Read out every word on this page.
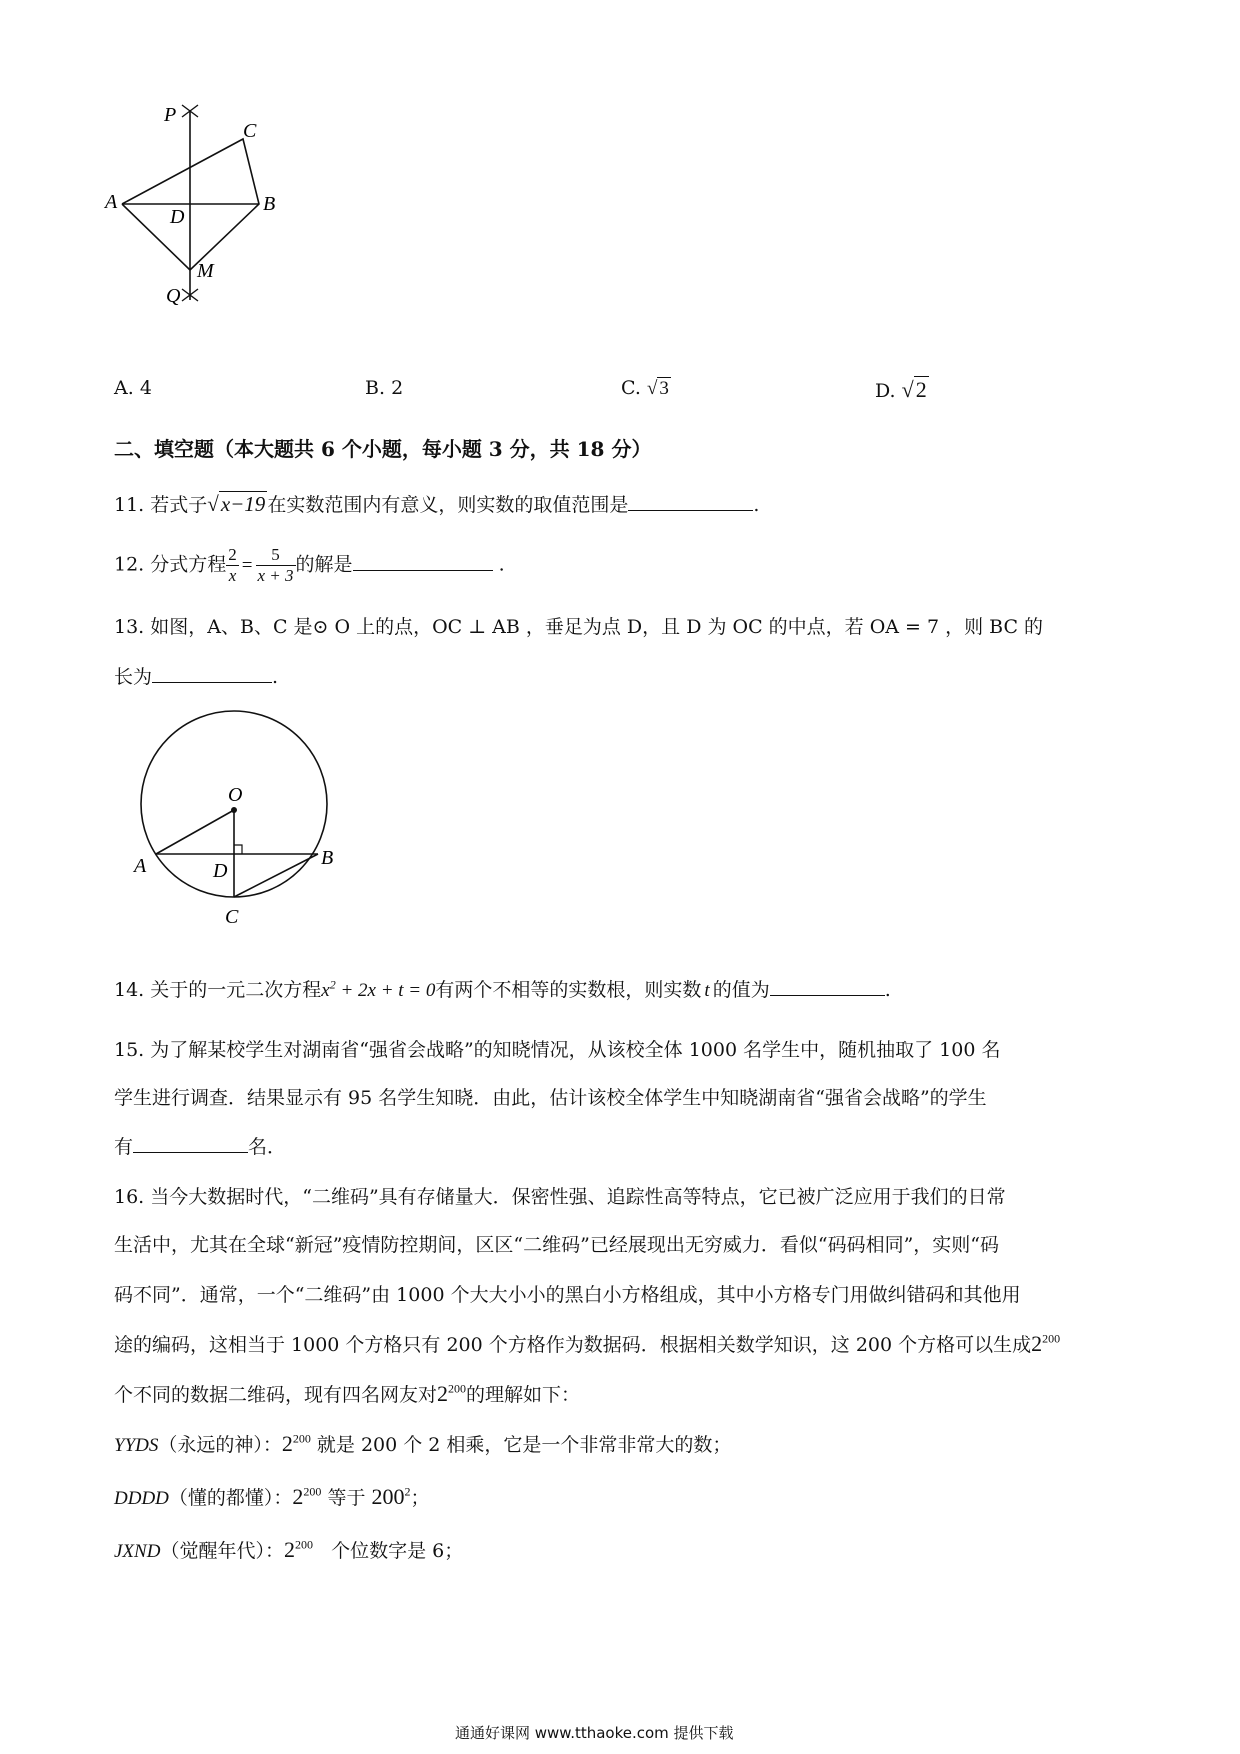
P
C
A	B
D
M
Q
A. 4	B. 2	C. √ 3	D. √2
二、填空题（本大题共 6 个小题，每小题 3 分，共 18 分）
11. 若式子√x−19 在实数范围内有意义，则实数的取值范围是	.
12. 分式方程 $\frac{2}{x} = \frac{5}{x + 3}$ 的解是	.
13. 如图，A、B、C 是⊙ O 上的点，OC ⊥ AB ，垂足为点 D，且 D 为 OC 的中点，若 OA = 7 ，则 BC 的
长为	.
O
A	D
B
C
14. 关于的一元二次方程$x^2 + 2x + t = 0$有两个不相等的实数根，则实数 t 的值为	.
15. 为了解某校学生对湖南省“强省会战略”的知晓情况，从该校全体 1000 名学生中，随机抽取了 100 名
学生进行调查．结果显示有 95 名学生知晓．由此，估计该校全体学生中知晓湖南省“强省会战略”的学生
有	名．
16. 当今大数据时代，“二维码”具有存储量大．保密性强、追踪性高等特点，它已被广泛应用于我们的日常
生活中，尤其在全球“新冠”疫情防控期间，区区“二维码”已经展现出无穷威力．看似“码码相同”，实则“码
码不同”．通常，一个“二维码”由 1000 个大大小小的黑白小方格组成，其中小方格专门用做纠错码和其他用
途的编码，这相当于 1000 个方格只有 200 个方格作为数据码．根据相关数学知识，这 200 个方格可以生成$2^{200}$
个不同的数据二维码，现有四名网友对$2^{200}$的理解如下：
YYDS（永远的神）：$2^{200}$ 就是 200 个 2 相乘，它是一个非常非常大的数；
DDDD（懂的都懂）：$2^{200}$ 等于 $200^2$；
JXND（觉醒年代）：$2^{200}$   个位数字是 6；
通通好课网 www.tthaoke.com 提供下载
